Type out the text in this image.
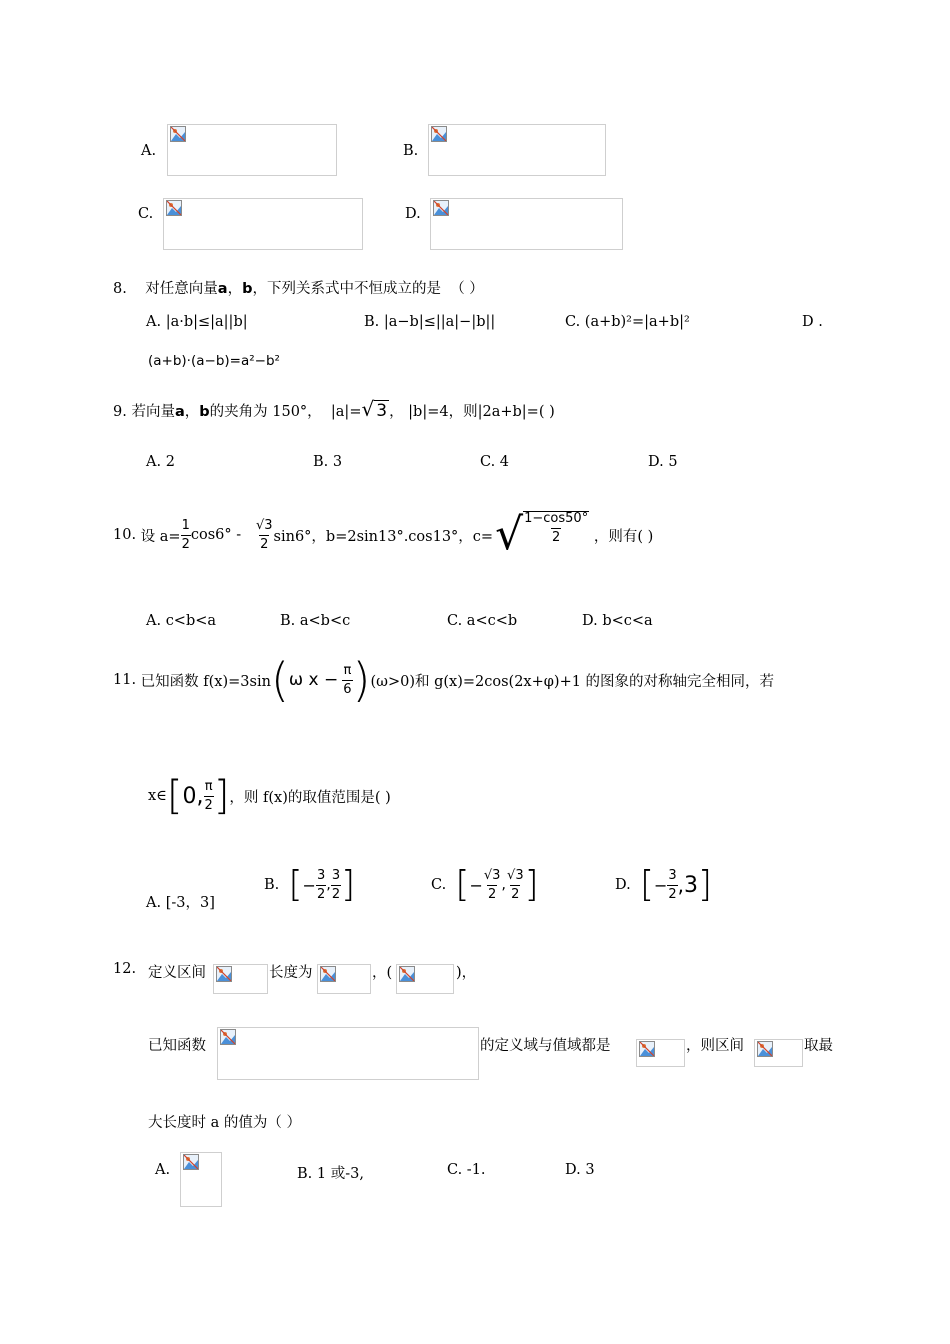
A.	B.
C.	D.
8. 对任意向量a，b，下列关系式中不恒成立的是 （ ）
A. |a·b|≤|a||b|	B. |a−b|≤||a|−|b||	C. (a+b)²=|a+b|²	D .
(a+b)·(a−b)=a²−b²
9. 若向量a，b的夹角为 150°， |a|=√ 3 ， |b|=4，则|2a+b|=( )
A. 2	B. 3	C. 4	D. 5
10.
设 $a= \frac{1}{2} \cos 6^\circ$ -
$\frac{√3}{2} \sin 6^\circ$，b=2sin13°.cos13°，c= √ $\frac{1-\cos 50^\circ}{2}$
，则有( )
A. c<b<a	B. a<b<c	C. a<c<b	D. b<c<a
11.
已知函数 f(x)=3sin ( ω $x - \frac{\pi}{6}$ ) (ω>0)和 g(x)=2cos(2x+φ)+1 的图象的对称轴完全相同，若
x∈ [ 0, $\frac{\pi}{2}$ ] ，则 f(x)的取值范围是( )
A. [-3，3]
B.
[ − $\frac{3}{2}$ , $\frac{3}{2}$ ]	C.
[ − $\frac{√3}{2}$ , $\frac{√3}{2}$ ]	D.
[ − $\frac{3}{2}$ , 3 ]
12. 定义区间	长度为	，(	)，
已知函数	的定义域与值域都是	，则区间	取最
大长度时 a 的值为（ ）
A.	B. 1 或-3,	C. -1.	D. 3
